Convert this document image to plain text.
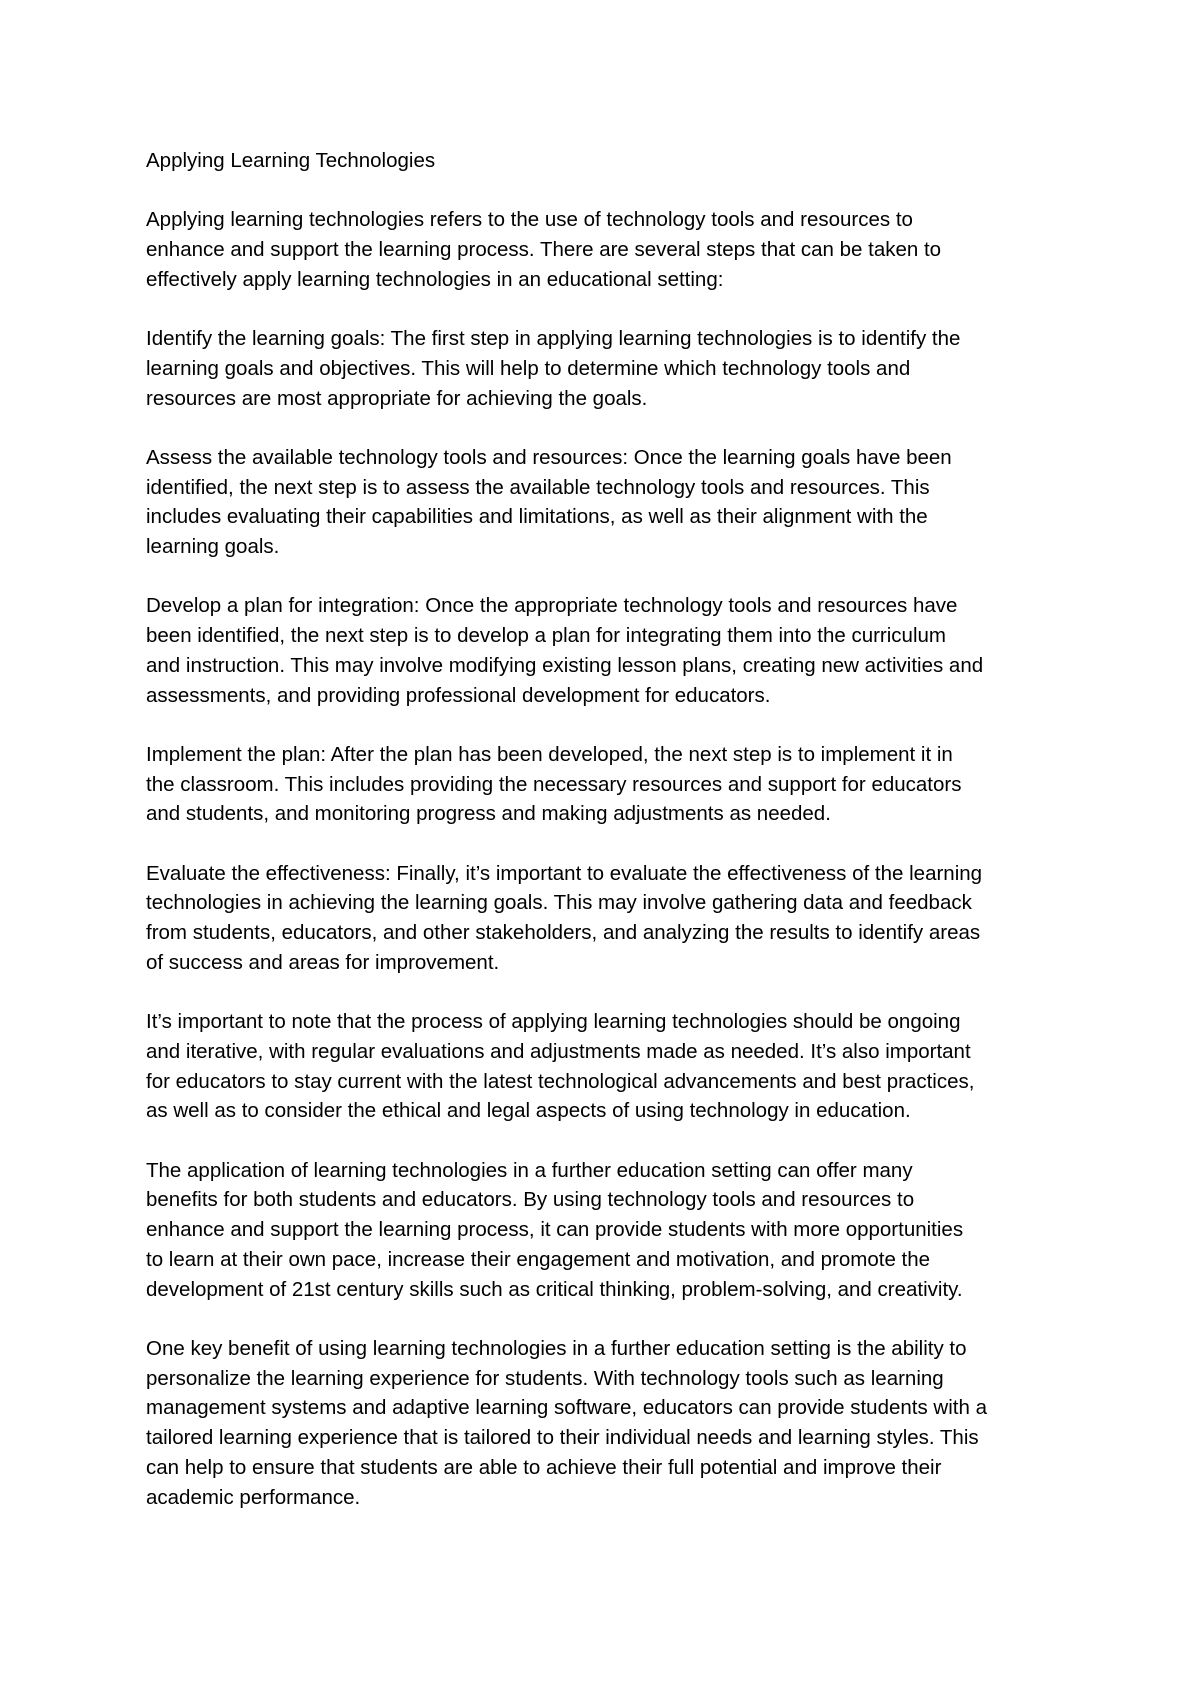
Applying Learning Technologies

Applying learning technologies refers to the use of technology tools and resources to
enhance and support the learning process. There are several steps that can be taken to
effectively apply learning technologies in an educational setting:

Identify the learning goals: The first step in applying learning technologies is to identify the
learning goals and objectives. This will help to determine which technology tools and
resources are most appropriate for achieving the goals.

Assess the available technology tools and resources: Once the learning goals have been
identified, the next step is to assess the available technology tools and resources. This
includes evaluating their capabilities and limitations, as well as their alignment with the
learning goals.

Develop a plan for integration: Once the appropriate technology tools and resources have
been identified, the next step is to develop a plan for integrating them into the curriculum
and instruction. This may involve modifying existing lesson plans, creating new activities and
assessments, and providing professional development for educators.

Implement the plan: After the plan has been developed, the next step is to implement it in
the classroom. This includes providing the necessary resources and support for educators
and students, and monitoring progress and making adjustments as needed.

Evaluate the effectiveness: Finally, it’s important to evaluate the effectiveness of the learning
technologies in achieving the learning goals. This may involve gathering data and feedback
from students, educators, and other stakeholders, and analyzing the results to identify areas
of success and areas for improvement.

It’s important to note that the process of applying learning technologies should be ongoing
and iterative, with regular evaluations and adjustments made as needed. It’s also important
for educators to stay current with the latest technological advancements and best practices,
as well as to consider the ethical and legal aspects of using technology in education.

The application of learning technologies in a further education setting can offer many
benefits for both students and educators. By using technology tools and resources to
enhance and support the learning process, it can provide students with more opportunities
to learn at their own pace, increase their engagement and motivation, and promote the
development of 21st century skills such as critical thinking, problem-solving, and creativity.

One key benefit of using learning technologies in a further education setting is the ability to
personalize the learning experience for students. With technology tools such as learning
management systems and adaptive learning software, educators can provide students with a
tailored learning experience that is tailored to their individual needs and learning styles. This
can help to ensure that students are able to achieve their full potential and improve their
academic performance.
